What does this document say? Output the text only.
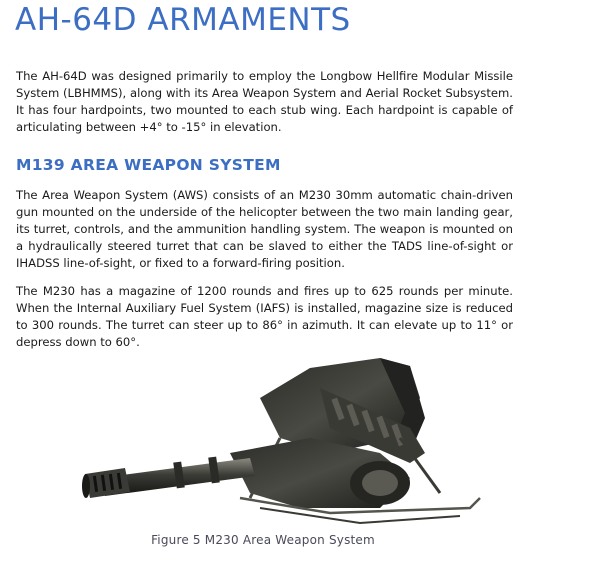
AH-64D ARMAMENTS

The AH-64D was designed primarily to employ the Longbow Hellfire Modular Missile System (LBHMMS), along with its Area Weapon System and Aerial Rocket Subsystem. It has four hardpoints, two mounted to each stub wing. Each hardpoint is capable of articulating between +4° to -15° in elevation.

M139 AREA WEAPON SYSTEM

The Area Weapon System (AWS) consists of an M230 30mm automatic chain-driven gun mounted on the underside of the helicopter between the two main landing gear, its turret, controls, and the ammunition handling system. The weapon is mounted on a hydraulically steered turret that can be slaved to either the TADS line-of-sight or IHADSS line-of-sight, or fixed to a forward-firing position.

The M230 has a magazine of 1200 rounds and fires up to 625 rounds per minute. When the Internal Auxiliary Fuel System (IAFS) is installed, magazine size is reduced to 300 rounds. The turret can steer up to 86° in azimuth. It can elevate up to 11° or depress down to 60°.

Figure 5 M230 Area Weapon System
